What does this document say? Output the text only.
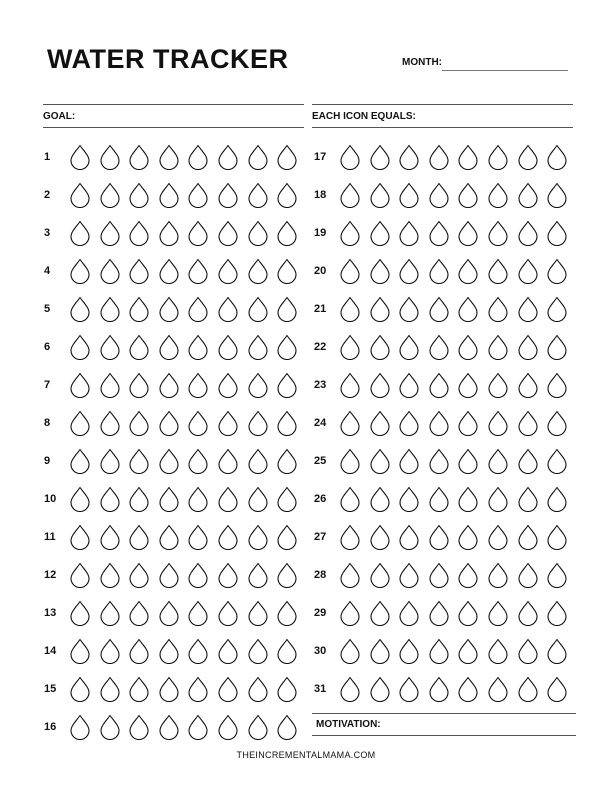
WATER TRACKER	MONTH:
GOAL:	EACH ICON EQUALS:
1
2
3
4
5
6
7
8
9
10
11
12
13
14
15
16
17
18
19
20
21
22
23
24
25
26
27
28
29
30
31
MOTIVATION:
THEINCREMENTALMAMA.COM
